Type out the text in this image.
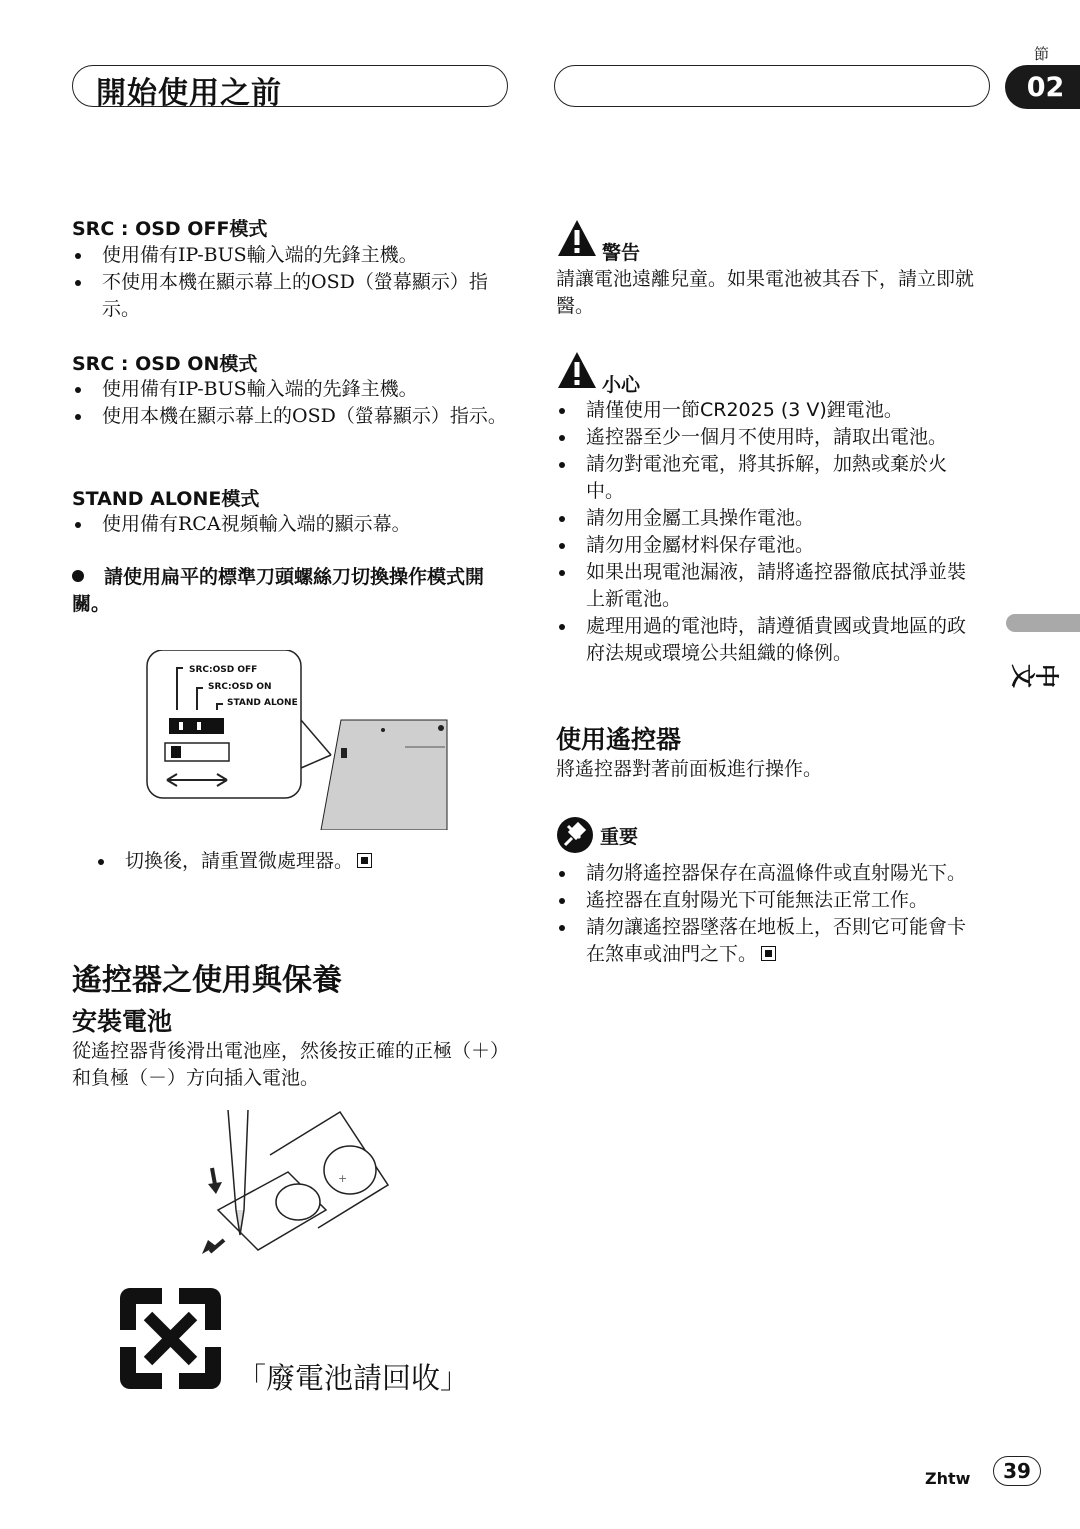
開始使用之前
節
02
SRC : OSD OFF模式
使用備有IP-BUS輸入端的先鋒主機。
不使用本機在顯示幕上的OSD（螢幕顯示）指示。
SRC : OSD ON模式
使用備有IP-BUS輸入端的先鋒主機。
使用本機在顯示幕上的OSD（螢幕顯示）指示。
STAND ALONE模式
使用備有RCA視頻輸入端的顯示幕。
請使用扁平的標準刀頭螺絲刀切換操作模式開關。
SRC:OSD OFF
SRC:OSD ON
STAND ALONE
切換後，請重置微處理器。
遙控器之使用與保養
安裝電池
從遙控器背後滑出電池座，然後按正確的正極（＋）和負極（－）方向插入電池。
+
「廢電池請回收」
警告
請讓電池遠離兒童。如果電池被其吞下，請立即就醫。
小心
請僅使用一節CR2025 (3 V)鋰電池。
遙控器至少一個月不使用時，請取出電池。
請勿對電池充電，將其拆解，加熱或棄於火中。
請勿用金屬工具操作電池。
請勿用金屬材料保存電池。
如果出現電池漏液，請將遙控器徹底拭淨並裝上新電池。
處理用過的電池時，請遵循貴國或貴地區的政府法規或環境公共組織的條例。
使用遙控器
將遙控器對著前面板進行操作。
重要
請勿將遙控器保存在高溫條件或直射陽光下。
遙控器在直射陽光下可能無法正常工作。
請勿讓遙控器墜落在地板上，否則它可能會卡在煞車或油門之下。
中文
Zhtw 39
